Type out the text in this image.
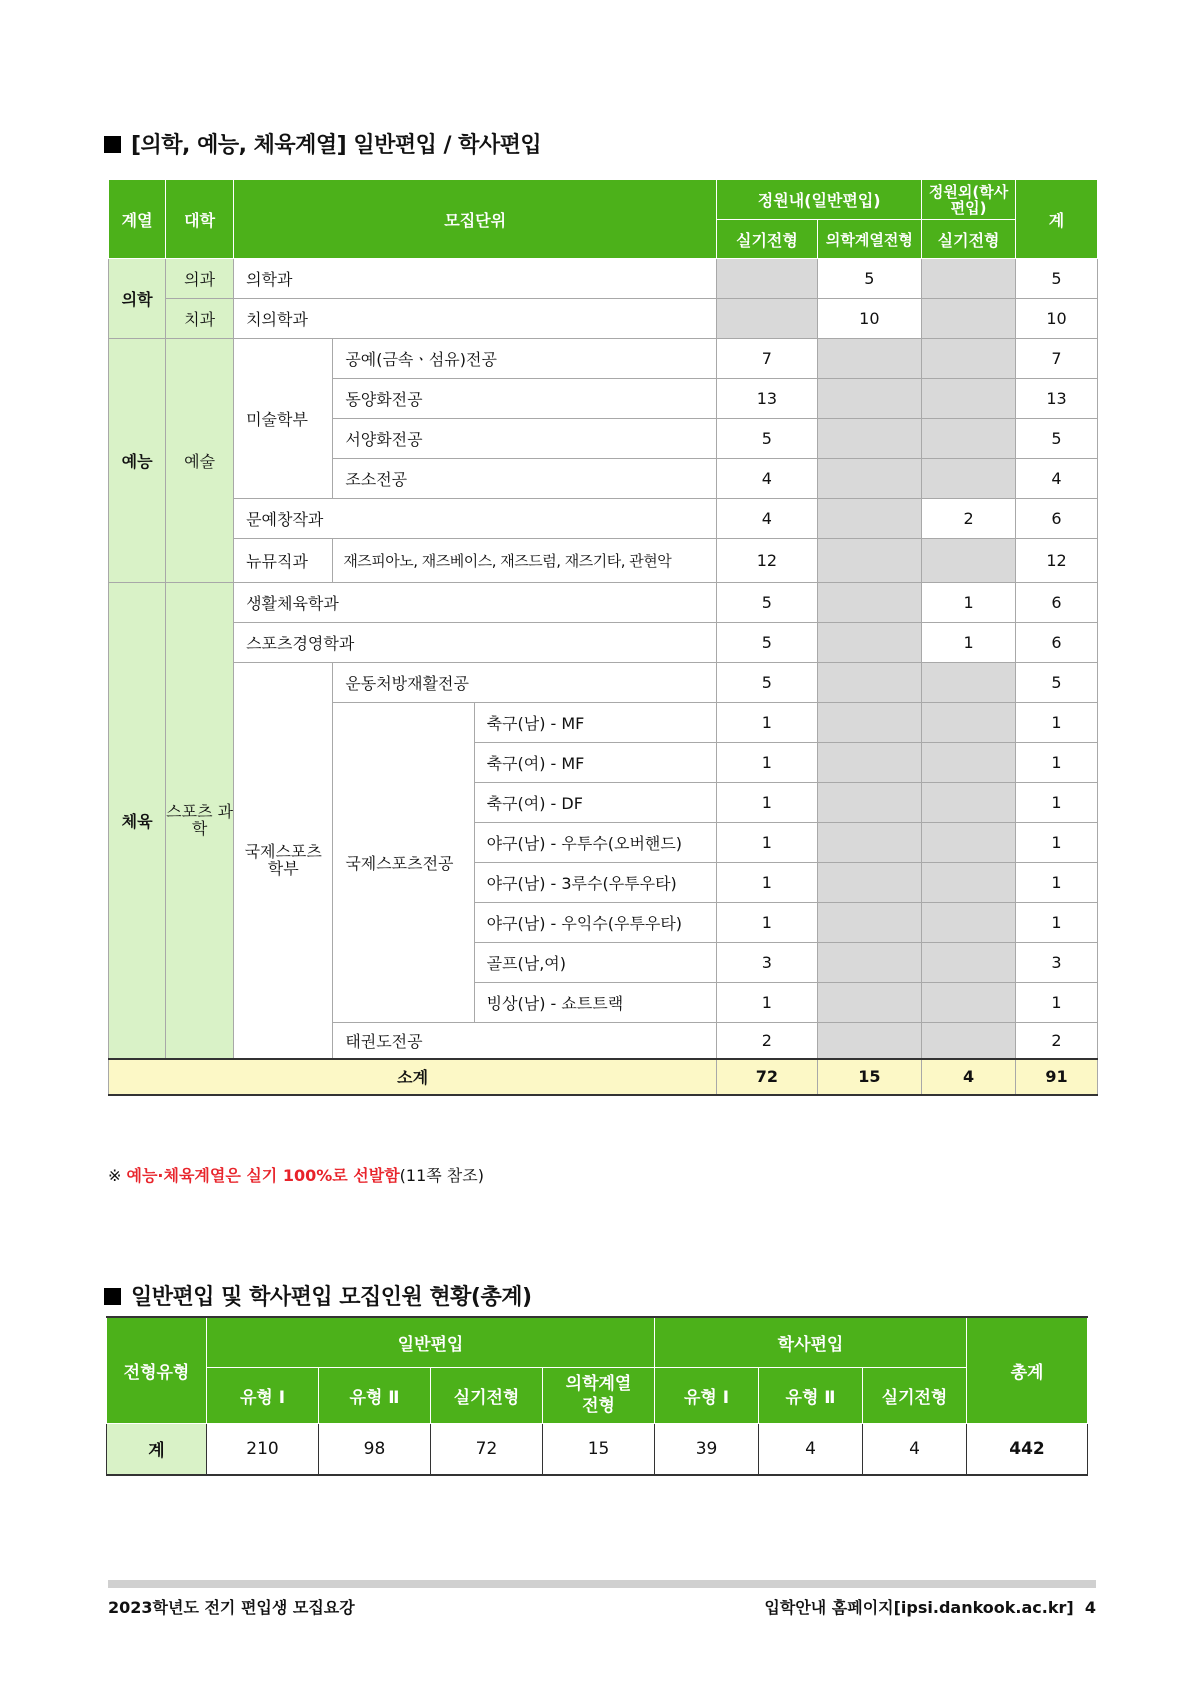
[의학, 예능, 체육계열] 일반편입 / 학사편입
계열	대학	모집단위			정원내(일반편입)		정원외(학사편입)	계
					실기전형	의학계열전형	실기전형	
의학	의과	의학과				5		5
	치과	치의학과				10		10
예능	예술	미술학부	공예(금속ㆍ섬유)전공		7			7
			동양화전공		13			13
			서양화전공		5			5
			조소전공		4			4
		문예창작과			4		2	6
		뉴뮤직과	재즈피아노, 재즈베이스, 재즈드럼, 재즈기타, 관현악		12			12
체육	스포츠 과 학	생활체육학과			5		1	6
		스포츠경영학과			5		1	6
		국제스포츠 학부	운동처방재활전공		5			5
			국제스포츠전공	축구(남) - MF	1			1
				축구(여) - MF	1			1
				축구(여) - DF	1			1
				야구(남) - 우투수(오버핸드)	1			1
				야구(남) - 3루수(우투우타)	1			1
				야구(남) - 우익수(우투우타)	1			1
				골프(남,여)	3			3
				빙상(남) - 쇼트트랙	1			1
			태권도전공		2			2
소계					72	15	4	91
※ 예능·체육계열은 실기 100%로 선발함(11쪽 참조)
일반편입 및 학사편입 모집인원 현황(총계)
전형유형	일반편입				학사편입			총계
	유형 Ⅰ	유형 Ⅱ	실기전형	의학계열 전형	유형 Ⅰ	유형 Ⅱ	실기전형	
계	210	98	72	15	39	4	4	442
2023학년도 전기 편입생 모집요강	입학안내 홈페이지[ipsi.dankook.ac.kr] 4
